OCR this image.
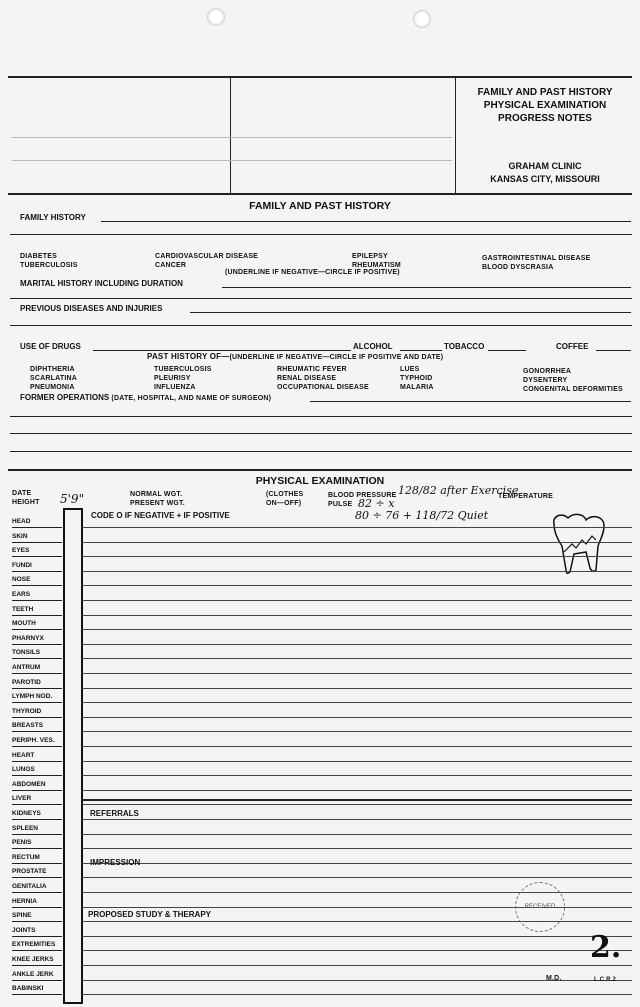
FAMILY AND PAST HISTORY
PHYSICAL EXAMINATION
PROGRESS NOTES
GRAHAM CLINIC
KANSAS CITY, MISSOURI
FAMILY AND PAST HISTORY
FAMILY HISTORY
DIABETES
TUBERCULOSIS
CARDIOVASCULAR DISEASE
CANCER
EPILEPSY
RHEUMATISM
GASTROINTESTINAL DISEASE
BLOOD DYSCRASIA
(UNDERLINE IF NEGATIVE—CIRCLE IF POSITIVE)
MARITAL HISTORY INCLUDING DURATION
PREVIOUS DISEASES AND INJURIES
USE OF DRUGS	ALCOHOL	TOBACCO	COFFEE
PAST HISTORY OF—(UNDERLINE IF NEGATIVE—CIRCLE IF POSITIVE AND DATE)
DIPHTHERIA
SCARLATINA
PNEUMONIA
TUBERCULOSIS
PLEURISY
INFLUENZA
RHEUMATIC FEVER
RENAL DISEASE
OCCUPATIONAL DISEASE
LUES
TYPHOID
MALARIA
GONORRHEA
DYSENTERY
CONGENITAL DEFORMITIES
FORMER OPERATIONS (DATE, HOSPITAL, AND NAME OF SURGEON)
PHYSICAL EXAMINATION
DATE
HEIGHT 5'9"	NORMAL WGT.
PRESENT WGT.
(CLOTHES
ON—OFF)
BLOOD PRESSURE
PULSE
128/82 after Exercise
82 ÷ x
80 ÷ 76 + 118/72 Quiet
TEMPERATURE
CODE O IF NEGATIVE + IF POSITIVE
HEAD
SKIN
EYES
FUNDI
NOSE
EARS
TEETH
MOUTH
PHARNYX
TONSILS
ANTRUM
PAROTID
LYMPH NOD.
THYROID
BREASTS
PERIPH. VES.
HEART
LUNGS
ABDOMEN
LIVER
KIDNEYS
SPLEEN
PENIS
RECTUM
PROSTATE
GENITALIA
HERNIA
SPINE
JOINTS
EXTREMITIES
KNEE JERKS
ANKLE JERK
BABINSKI
REFERRALS
IMPRESSION
PROPOSED STUDY & THERAPY
RECEIVED
2.
M.D.	L.C.R.2
